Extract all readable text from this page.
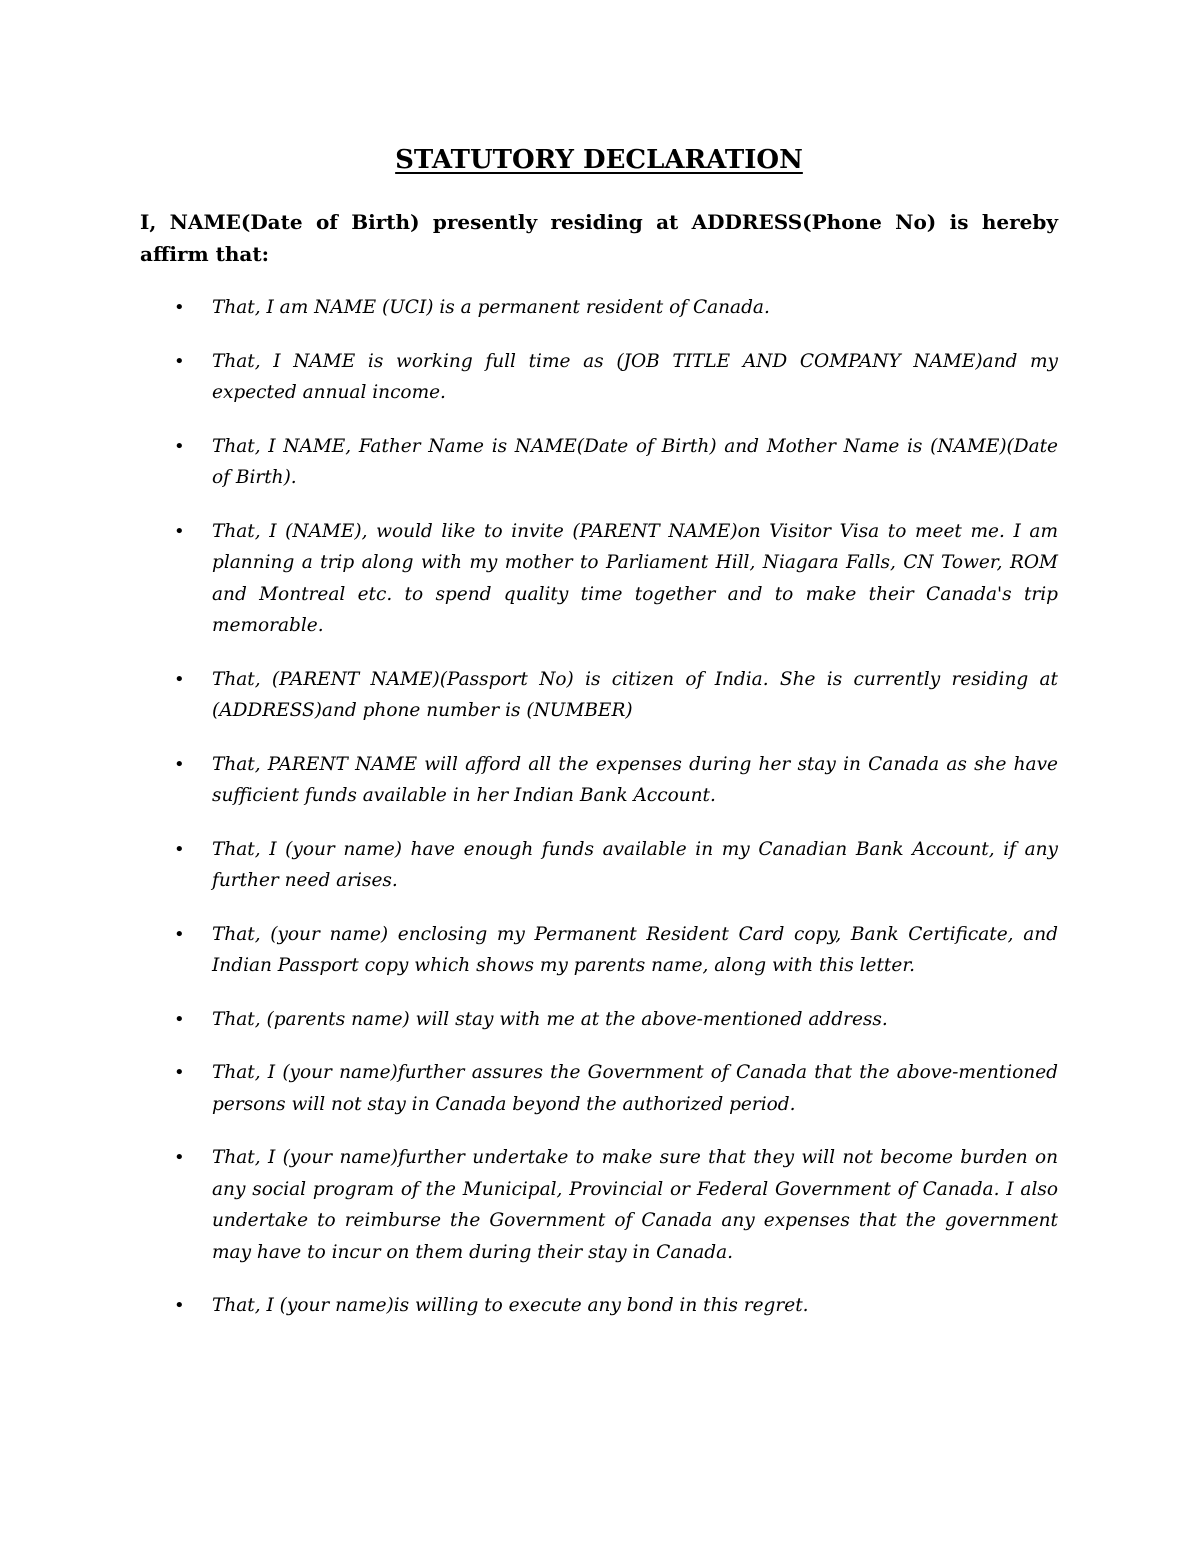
STATUTORY DECLARATION

I, NAME(Date of Birth) presently residing at ADDRESS(Phone No) is hereby affirm that:

• That, I am NAME (UCI) is a permanent resident of Canada.
• That, I NAME is working full time as (JOB TITLE AND COMPANY NAME)and my expected annual income.
• That, I NAME, Father Name is NAME(Date of Birth) and Mother Name is (NAME)(Date of Birth).
• That, I (NAME), would like to invite (PARENT NAME)on Visitor Visa to meet me. I am planning a trip along with my mother to Parliament Hill, Niagara Falls, CN Tower, ROM and Montreal etc. to spend quality time together and to make their Canada's trip memorable.
• That, (PARENT NAME)(Passport No) is citizen of India. She is currently residing at (ADDRESS)and phone number is (NUMBER)
• That, PARENT NAME will afford all the expenses during her stay in Canada as she have sufficient funds available in her Indian Bank Account.
• That, I (your name) have enough funds available in my Canadian Bank Account, if any further need arises.
• That, (your name) enclosing my Permanent Resident Card copy, Bank Certificate, and Indian Passport copy which shows my parents name, along with this letter.
• That, (parents name) will stay with me at the above-mentioned address.
• That, I (your name)further assures the Government of Canada that the above-mentioned persons will not stay in Canada beyond the authorized period.
• That, I (your name)further undertake to make sure that they will not become burden on any social program of the Municipal, Provincial or Federal Government of Canada. I also undertake to reimburse the Government of Canada any expenses that the government may have to incur on them during their stay in Canada.
• That, I (your name)is willing to execute any bond in this regret.
